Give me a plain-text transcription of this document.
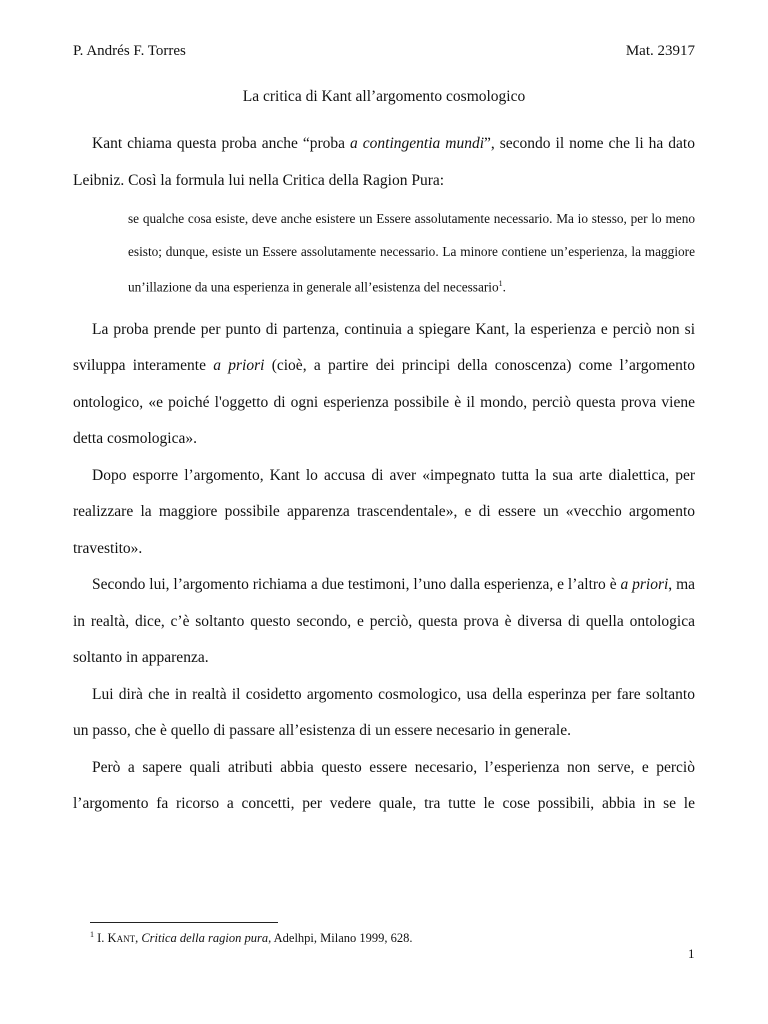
P. Andrés F. Torres	Mat. 23917
La critica di Kant all’argomento cosmologico

Kant chiama questa proba anche “proba a contingentia mundi”, secondo il nome che li ha dato Leibniz. Così la formula lui nella Critica della Ragion Pura:

se qualche cosa esiste, deve anche esistere un Essere assolutamente necessario. Ma io stesso, per lo meno esisto; dunque, esiste un Essere assolutamente necessario. La minore contiene un’esperienza, la maggiore un’illazione da una esperienza in generale all’esistenza del necessario$^1$.

La proba prende per punto di partenza, continuia a spiegare Kant, la esperienza e perciò non si sviluppa interamente a priori (cioè, a partire dei principi della conoscenza) come l’argomento ontologico, «e poiché l'oggetto di ogni esperienza possibile è il mondo, perciò questa prova viene detta cosmologica».

Dopo esporre l’argomento, Kant lo accusa di aver «impegnato tutta la sua arte dialettica, per realizzare la maggiore possibile apparenza trascendentale», e di essere un «vecchio argomento travestito».

Secondo lui, l’argomento richiama a due testimoni, l’uno dalla esperienza, e l’altro è a priori, ma in realtà, dice, c’è soltanto questo secondo, e perciò, questa prova è diversa di quella ontologica soltanto in apparenza.

Lui dirà che in realtà il cosidetto argomento cosmologico, usa della esperinza per fare soltanto un passo, che è quello di passare all’esistenza di un essere necesario in generale.

Però a sapere quali atributi abbia questo essere necesario, l’esperienza non serve, e perciò l’argomento fa ricorso a concetti, per vedere quale, tra tutte le cose possibili, abbia in se le

$^1$ I. Kant, Critica della ragion pura, Adelhpi, Milano 1999, 628.
1
